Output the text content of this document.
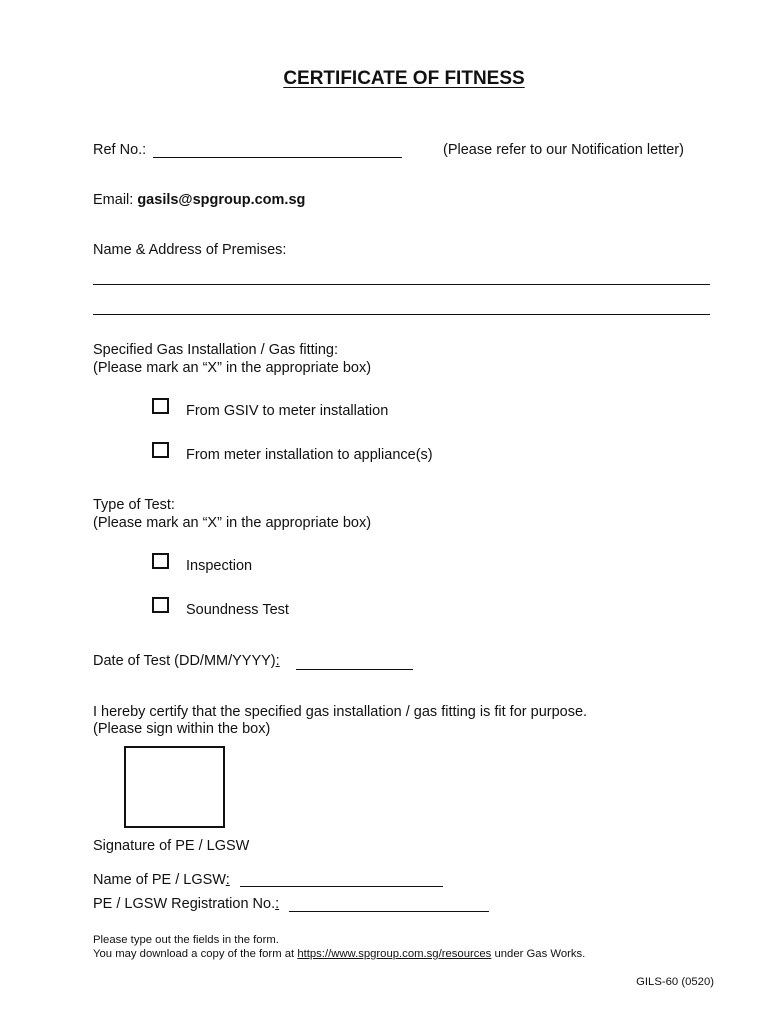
CERTIFICATE OF FITNESS
Ref No.:	(Please refer to our Notification letter)
Email: gasils@spgroup.com.sg
Name & Address of Premises:
Specified Gas Installation / Gas fitting:
(Please mark an “X” in the appropriate box)
From GSIV to meter installation
From meter installation to appliance(s)
Type of Test:
(Please mark an “X” in the appropriate box)
Inspection
Soundness Test
Date of Test (DD/MM/YYYY):
I hereby certify that the specified gas installation / gas fitting is fit for purpose.
(Please sign within the box)
Signature of PE / LGSW
Name of PE / LGSW:
PE / LGSW Registration No.:
Please type out the fields in the form.
You may download a copy of the form at https://www.spgroup.com.sg/resources under Gas Works.
GILS-60 (0520)
